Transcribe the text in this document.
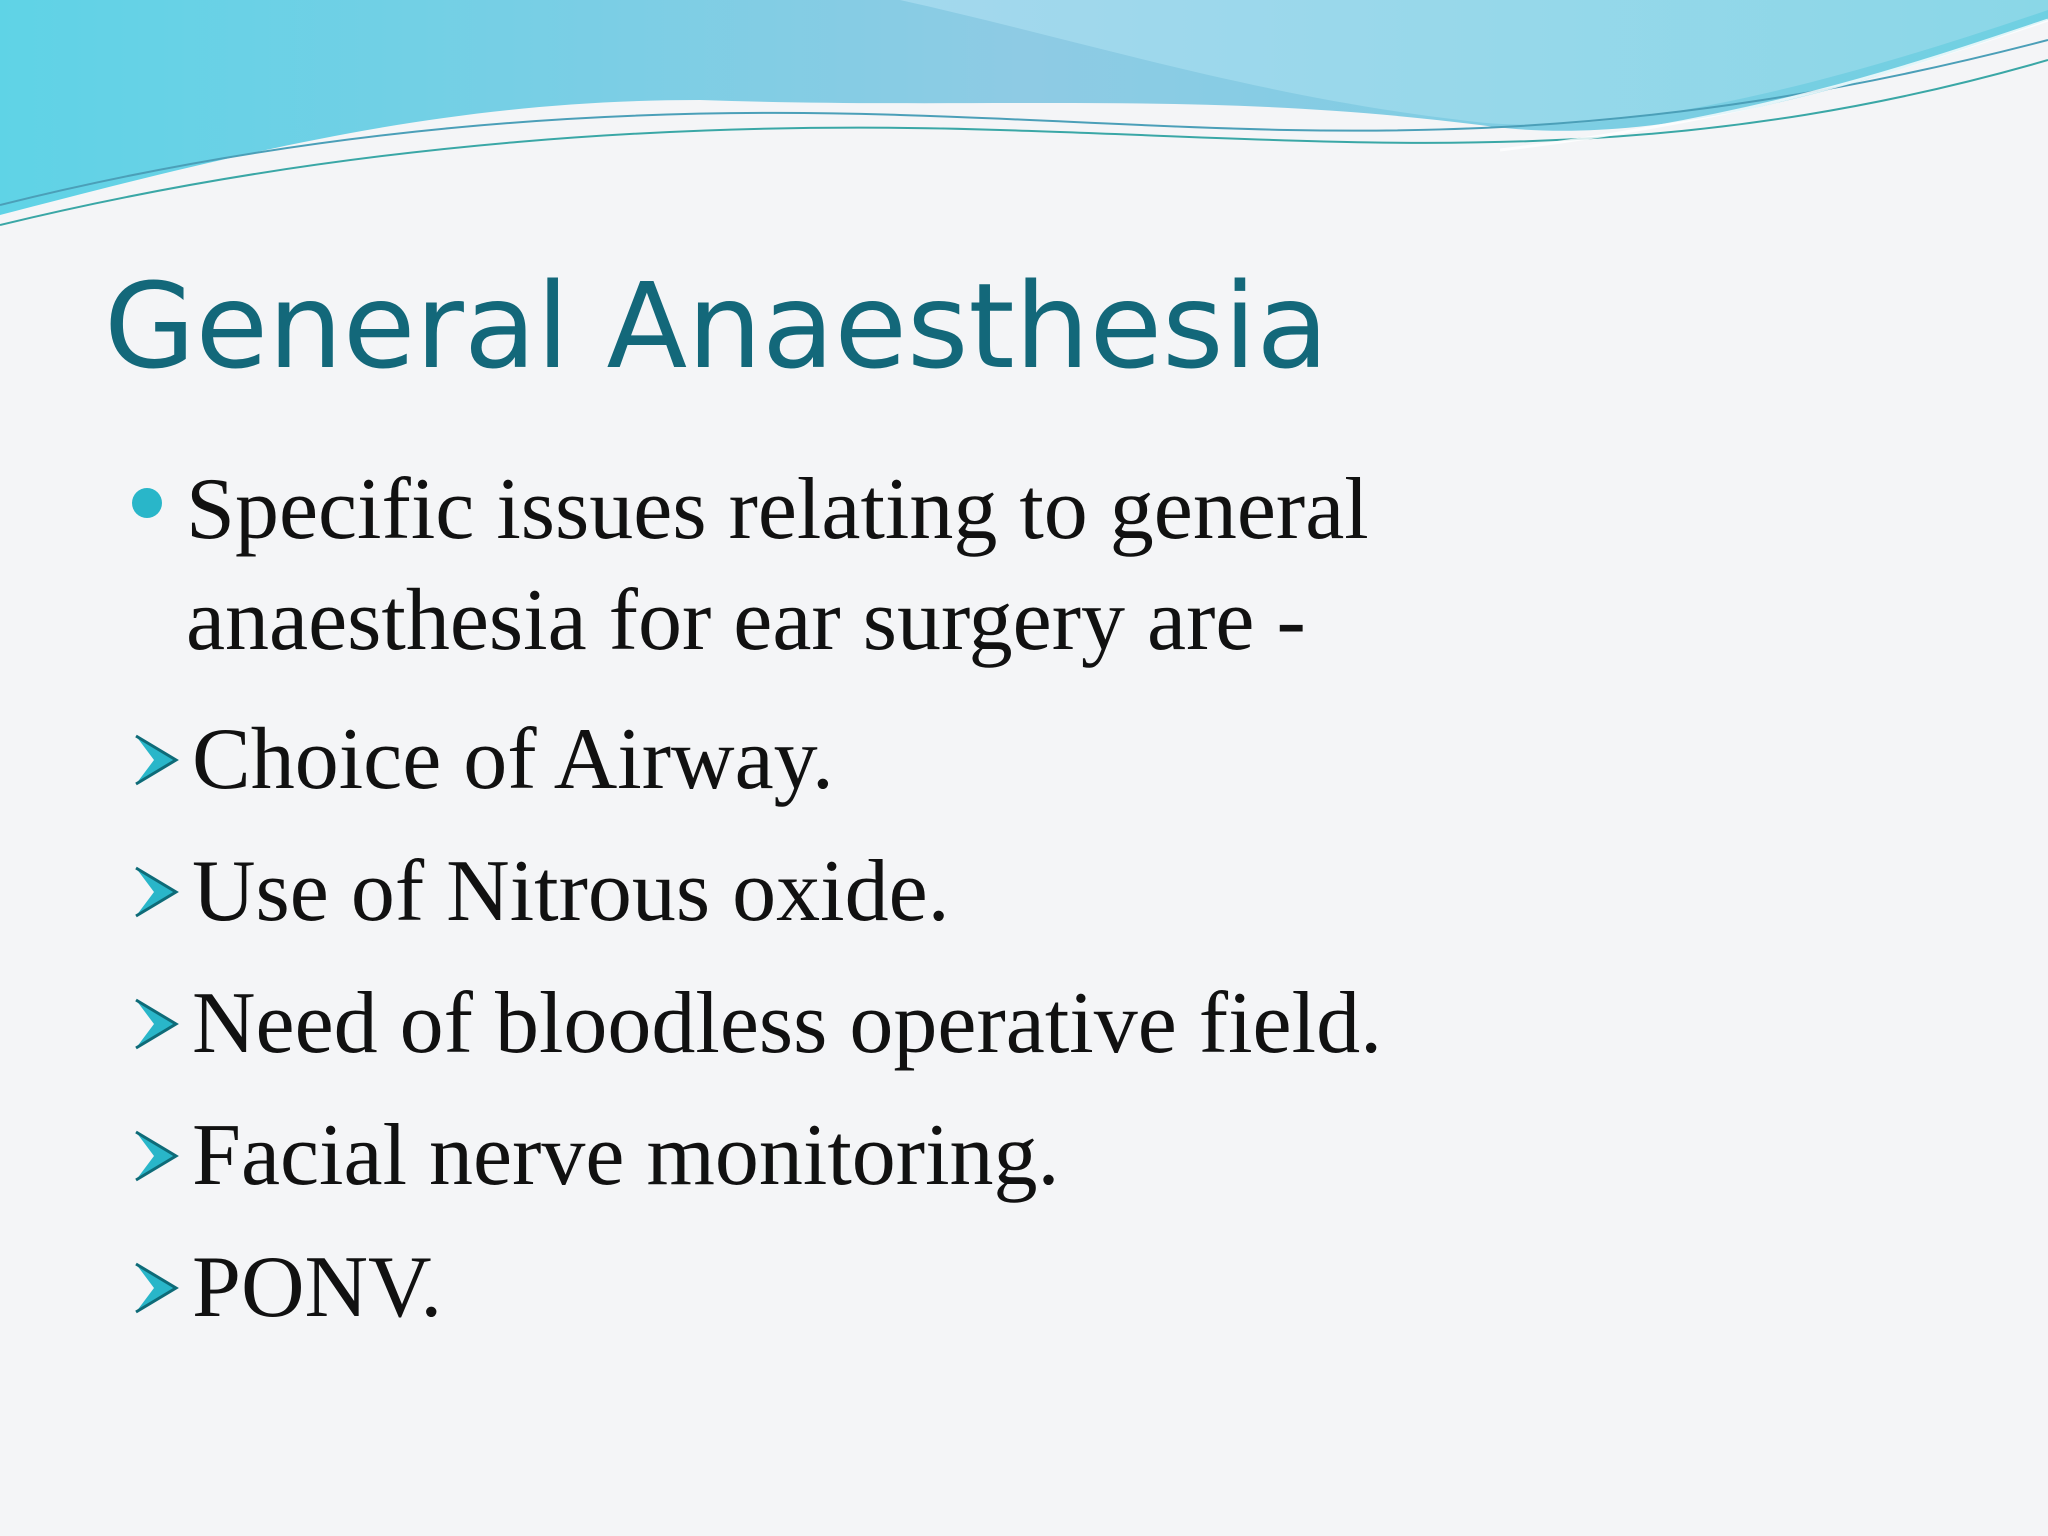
General Anaesthesia
Specific issues relating to general anaesthesia for ear surgery are -
Choice of Airway.
Use of Nitrous oxide.
Need of bloodless operative field.
Facial nerve monitoring.
PONV.
